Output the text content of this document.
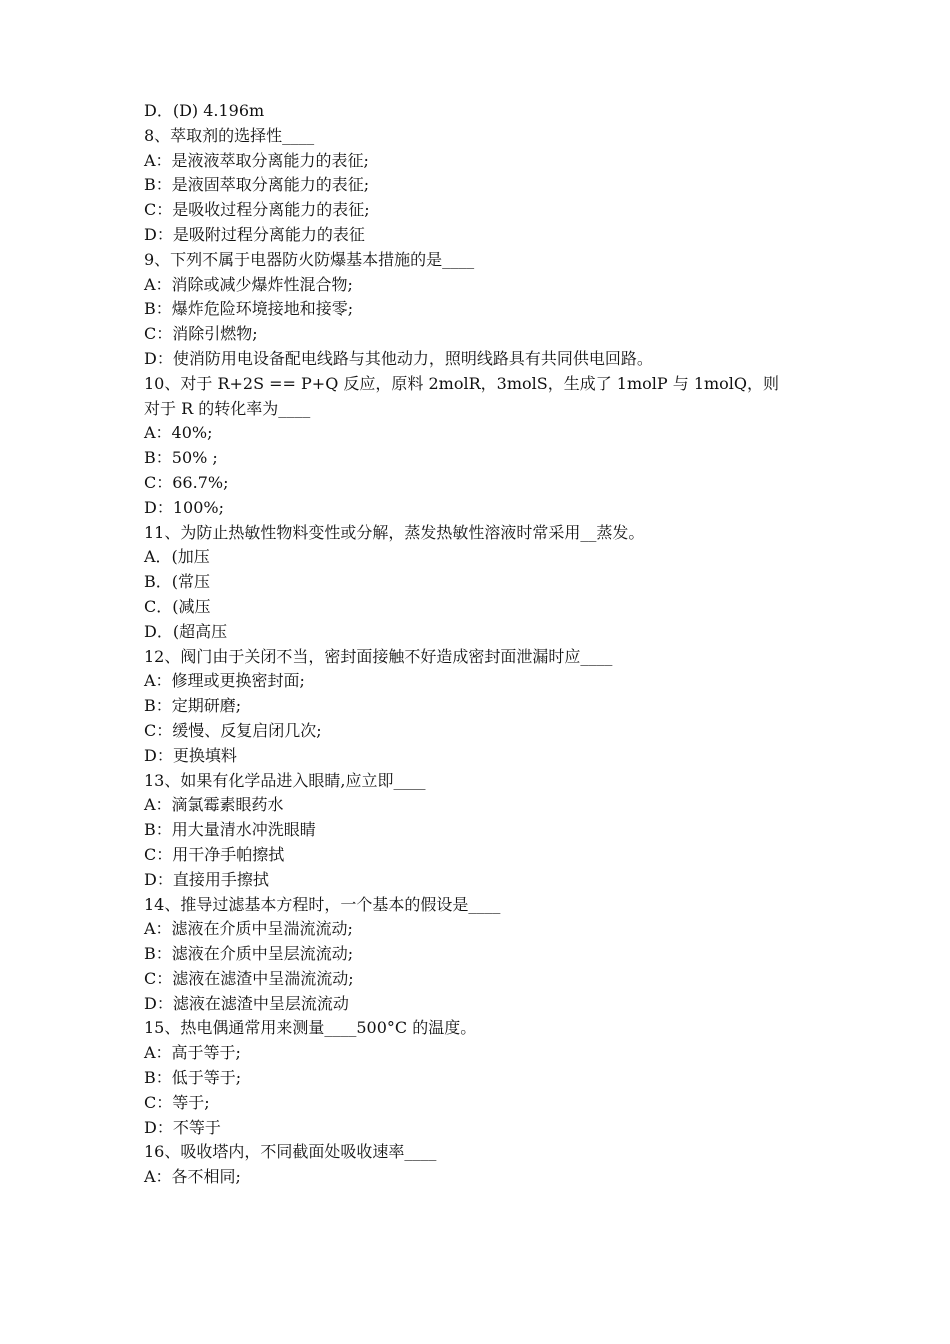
D．(D) 4.196m
8、萃取剂的选择性____
A：是液液萃取分离能力的表征;
B：是液固萃取分离能力的表征;
C：是吸收过程分离能力的表征;
D：是吸附过程分离能力的表征
9、下列不属于电器防火防爆基本措施的是____
A：消除或减少爆炸性混合物;
B：爆炸危险环境接地和接零;
C：消除引燃物;
D：使消防用电设备配电线路与其他动力，照明线路具有共同供电回路。
10、对于 R+2S == P+Q 反应，原料 2molR，3molS，生成了 1molP 与 1molQ，则
对于 R 的转化率为____
A：40%;
B：50% ;
C：66.7%;
D：100%;
11、为防止热敏性物料变性或分解，蒸发热敏性溶液时常采用__蒸发。
A．(加压
B．(常压
C．(减压
D．(超高压
12、阀门由于关闭不当，密封面接触不好造成密封面泄漏时应____
A：修理或更换密封面;
B：定期研磨;
C：缓慢、反复启闭几次;
D：更换填料
13、如果有化学品进入眼睛,应立即____
A：滴氯霉素眼药水
B：用大量清水冲洗眼睛
C：用干净手帕擦拭
D：直接用手擦拭
14、推导过滤基本方程时，一个基本的假设是____
A：滤液在介质中呈湍流流动;
B：滤液在介质中呈层流流动;
C：滤液在滤渣中呈湍流流动;
D：滤液在滤渣中呈层流流动
15、热电偶通常用来测量____500°C 的温度。
A：高于等于;
B：低于等于;
C：等于;
D：不等于
16、吸收塔内，不同截面处吸收速率____
A：各不相同;
